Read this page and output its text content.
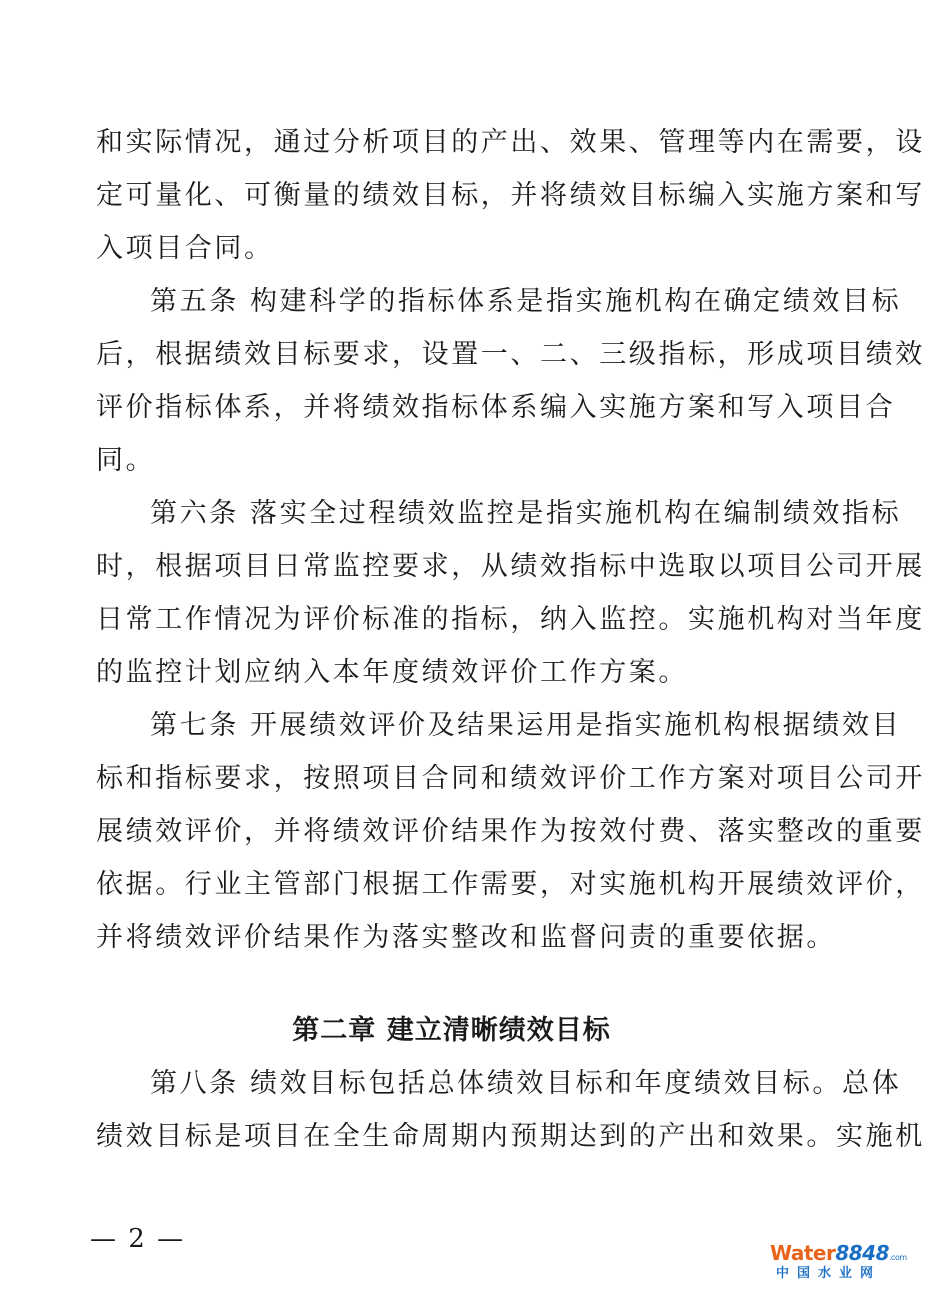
和实际情况，通过分析项目的产出、效果、管理等内在需要，设
定可量化、可衡量的绩效目标，并将绩效目标编入实施方案和写
入项目合同。
第五条 构建科学的指标体系是指实施机构在确定绩效目标
后，根据绩效目标要求，设置一、二、三级指标，形成项目绩效
评价指标体系，并将绩效指标体系编入实施方案和写入项目合
同。
第六条 落实全过程绩效监控是指实施机构在编制绩效指标
时，根据项目日常监控要求，从绩效指标中选取以项目公司开展
日常工作情况为评价标准的指标，纳入监控。实施机构对当年度
的监控计划应纳入本年度绩效评价工作方案。
第七条 开展绩效评价及结果运用是指实施机构根据绩效目
标和指标要求，按照项目合同和绩效评价工作方案对项目公司开
展绩效评价，并将绩效评价结果作为按效付费、落实整改的重要
依据。行业主管部门根据工作需要，对实施机构开展绩效评价，
并将绩效评价结果作为落实整改和监督问责的重要依据。
第二章 建立清晰绩效目标
第八条 绩效目标包括总体绩效目标和年度绩效目标。总体
绩效目标是项目在全生命周期内预期达到的产出和效果。实施机
— 2 —	Water8848.com
中国水业网
